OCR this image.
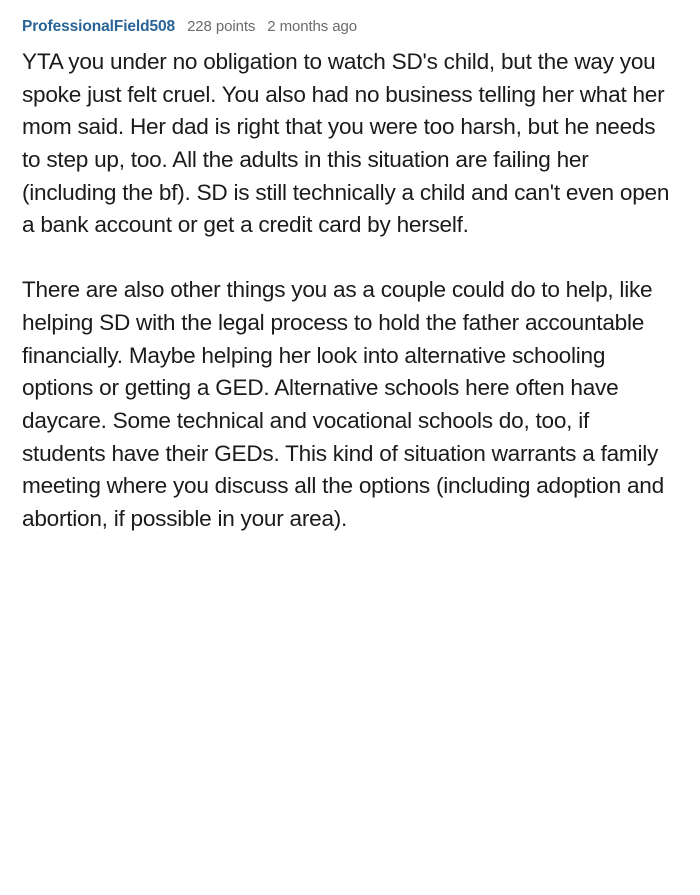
ProfessionalField508 228 points 2 months ago

YTA you under no obligation to watch SD's child, but the way you spoke just felt cruel. You also had no business telling her what her mom said. Her dad is right that you were too harsh, but he needs to step up, too. All the adults in this situation are failing her (including the bf). SD is still technically a child and can't even open a bank account or get a credit card by herself.

There are also other things you as a couple could do to help, like helping SD with the legal process to hold the father accountable financially. Maybe helping her look into alternative schooling options or getting a GED. Alternative schools here often have daycare. Some technical and vocational schools do, too, if students have their GEDs. This kind of situation warrants a family meeting where you discuss all the options (including adoption and abortion, if possible in your area).
